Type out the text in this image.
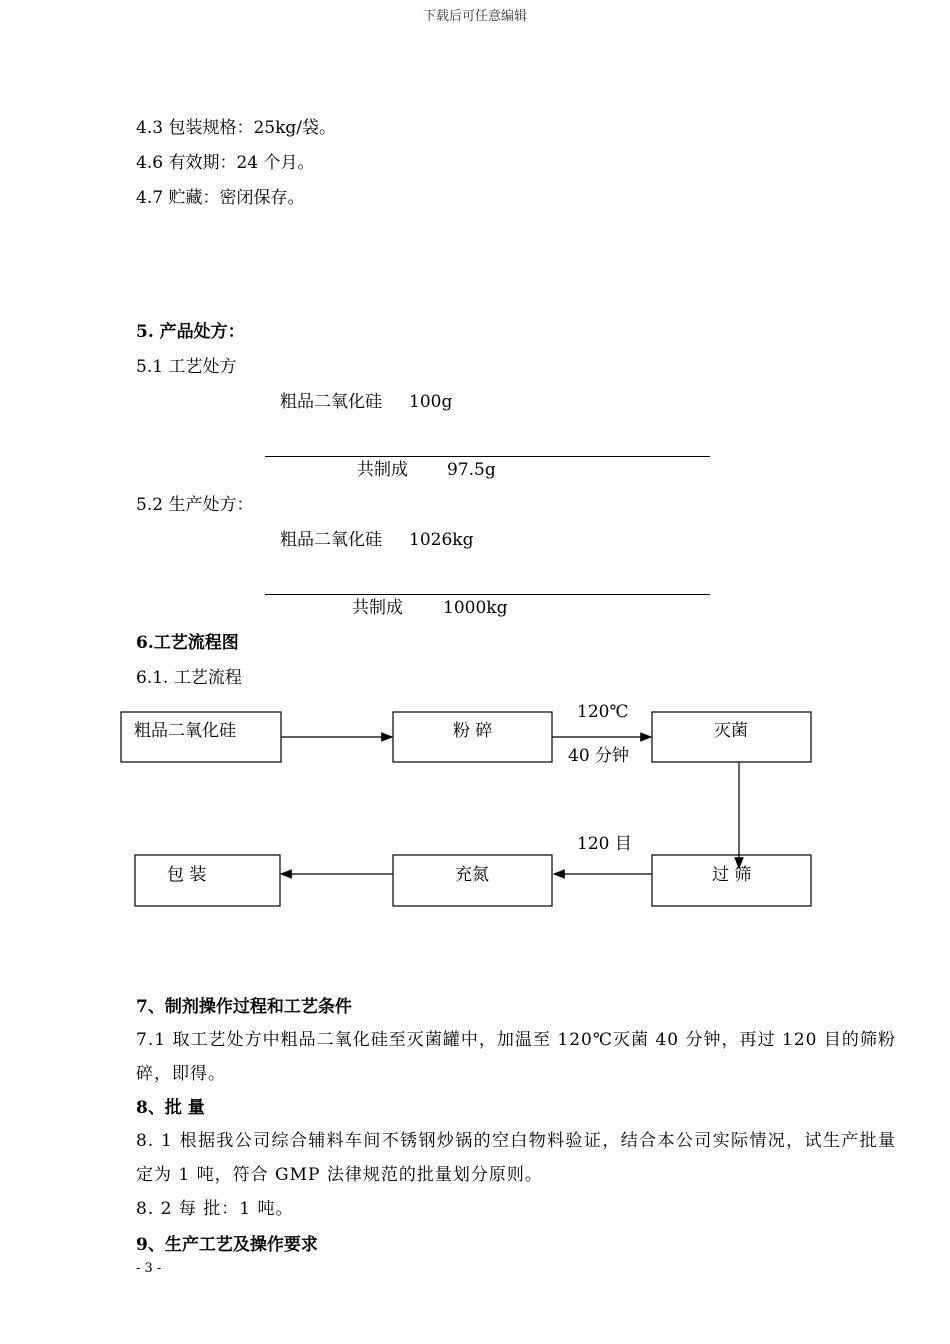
下载后可任意编辑
4.3 包装规格：25kg/袋。
4.6 有效期：24 个月。
4.7 贮藏：密闭保存。
5. 产品处方：
5.1 工艺处方
粗品二氧化硅 100g
共制成 97.5g
5.2 生产处方：
粗品二氧化硅 1026kg
共制成 1000kg
6.工艺流程图
6.1. 工艺流程
粗品二氧化硅	粉 碎	灭菌
120℃
40 分钟
120 目
过 筛
充氮
包 装
7、制剂操作过程和工艺条件
7.1 取工艺处方中粗品二氧化硅至灭菌罐中，加温至 120℃灭菌 40 分钟，再过 120 目的筛粉碎，即得。
8、批 量
8. 1 根据我公司综合辅料车间不锈钢炒锅的空白物料验证，结合本公司实际情况，试生产批量定为 1 吨，符合 GMP 法律规范的批量划分原则。
8. 2 每 批：1 吨。
9、生产工艺及操作要求
- 3 -
